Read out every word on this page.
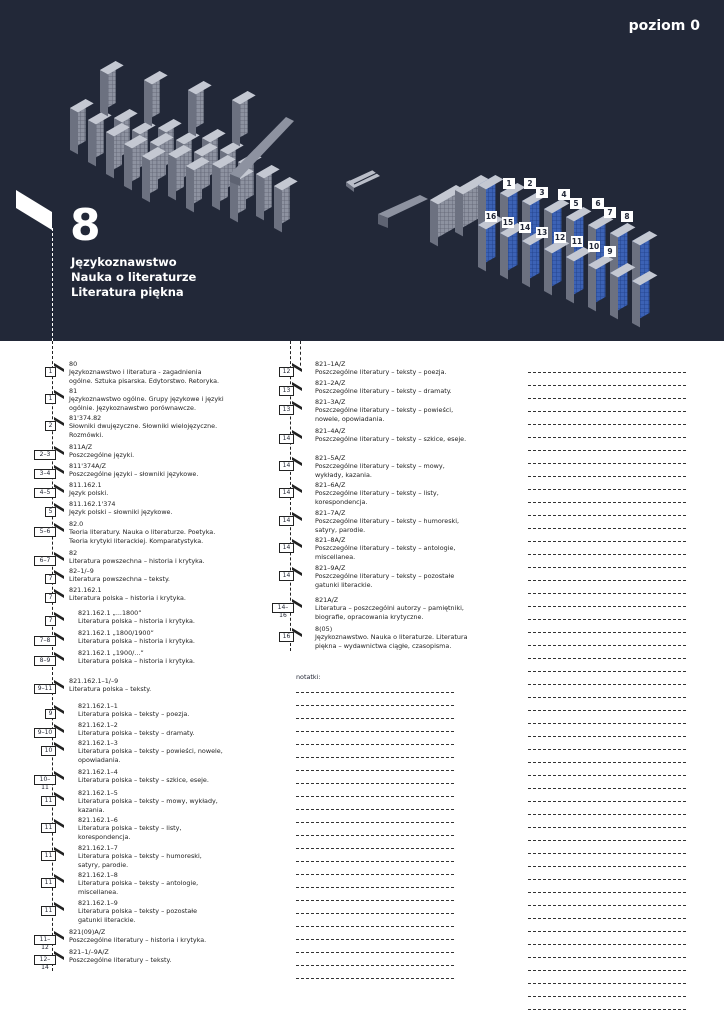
poziom 0
1 2
3 4
5 6
7 8
9
10
11
12
13
14
15
16
8
Językoznawstwo
Nauka o literaturze
Literatura piękna
1
80
Językoznawstwo i literatura - zagadnienia ogólne. Sztuka pisarska. Edytorstwo. Retoryka.
1
81
Językoznawstwo ogólne. Grupy językowe i języki ogólnie. Językoznawstwo porównawcze.
2
81'374.82
Słowniki dwujęzyczne. Słowniki wielojęzyczne. Rozmówki.
2–3
811A/Z
Poszczególne języki.
3–4
811'374A/Z
Poszczególne języki – słowniki językowe.
4–5
811.162.1
Język polski.
5
811.162.1'374
Język polski – słowniki językowe.
5–6
82.0
Teoria literatury. Nauka o literaturze. Poetyka. Teoria krytyki literackiej. Komparatystyka.
6–7
82
Literatura powszechna – historia i krytyka.
7
82–1/–9
Literatura powszechna – teksty.
7
821.162.1
Literatura polska – historia i krytyka.
7
821.162.1 „...1800”
Literatura polska – historia i krytyka.
7–8
821.162.1 „1800/1900”
Literatura polska – historia i krytyka.
8–9
821.162.1 „1900/...”
Literatura polska – historia i krytyka.
9–11
821.162.1–1/–9
Literatura polska – teksty.
9
821.162.1–1
Literatura polska – teksty – poezja.
9–10
821.162.1–2
Literatura polska – teksty – dramaty.
10
821.162.1–3
Literatura polska – teksty – powieści, nowele, opowiadania.
10–11
821.162.1–4
Literatura polska – teksty – szkice, eseje.
11
821.162.1–5
Literatura polska – teksty – mowy, wykłady, kazania.
11
821.162.1–6
Literatura polska – teksty – listy, korespondencja.
11
821.162.1–7
Literatura polska – teksty – humoreski, satyry, parodie.
11
821.162.1–8
Literatura polska – teksty – antologie, miscellanea.
11
821.162.1–9
Literatura polska – teksty – pozostałe gatunki literackie.
11–12
821(09)A/Z
Poszczególne literatury – historia i krytyka.
12–14
821–1/–9A/Z
Poszczególne literatury – teksty.
12
821–1A/Z
Poszczególne literatury – teksty – poezja.
13
821–2A/Z
Poszczególne literatury – teksty – dramaty.
13
821–3A/Z
Poszczególne literatury – teksty – powieści, nowele, opowiadania.
14
821–4A/Z
Poszczególne literatury – teksty – szkice, eseje.
14
821–5A/Z
Poszczególne literatury – teksty – mowy, wykłady, kazania.
14
821–6A/Z
Poszczególne literatury – teksty – listy, korespondencja.
14
821–7A/Z
Poszczególne literatury – teksty – humoreski, satyry, parodie.
14
821–8A/Z
Poszczególne literatury – teksty – antologie, miscellanea.
14
821–9A/Z
Poszczególne literatury – teksty – pozostałe gatunki literackie.
14–16
821A/Z
Literatura – poszczególni autorzy – pamiętniki, biografie, opracowania krytyczne.
16
8(05)
Językoznawstwo. Nauka o literaturze. Literatura piękna – wydawnictwa ciągłe, czasopisma.
notatki:
